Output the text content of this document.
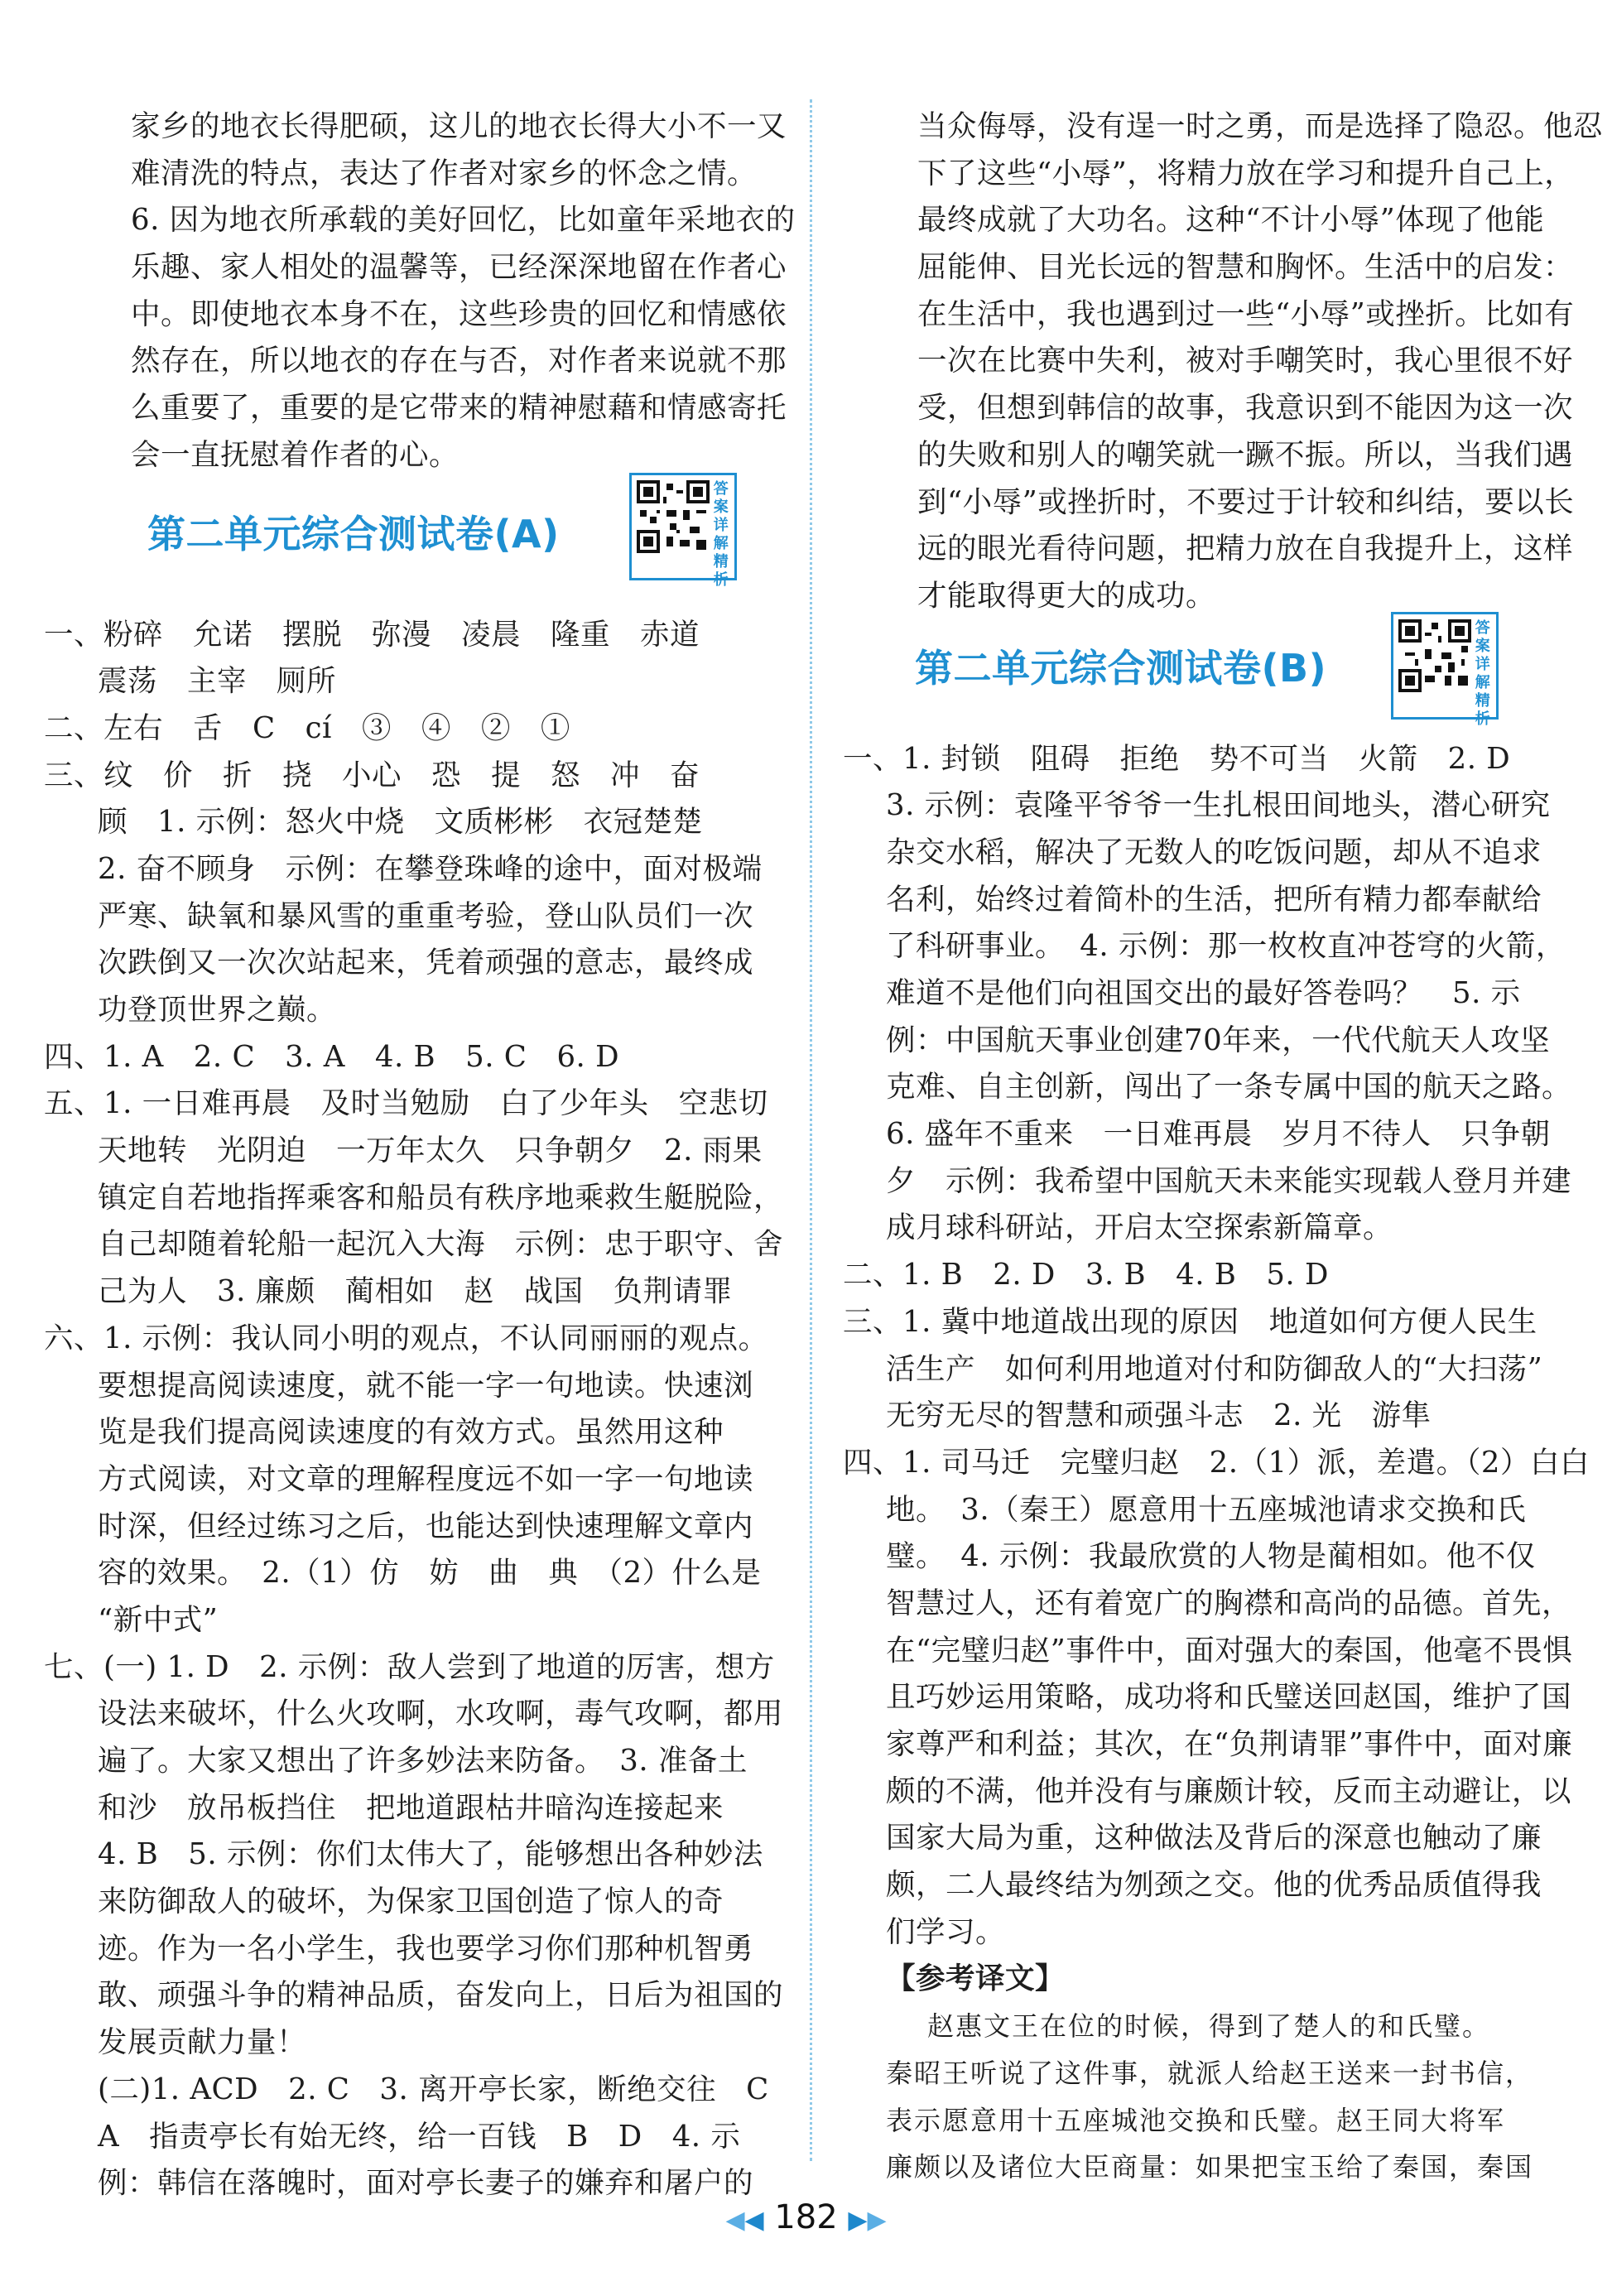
家乡的地衣长得肥硕，这儿的地衣长得大小不一又
难清洗的特点，表达了作者对家乡的怀念之情。
6. 因为地衣所承载的美好回忆，比如童年采地衣的
乐趣、家人相处的温馨等，已经深深地留在作者心
中。即使地衣本身不在，这些珍贵的回忆和情感依
然存在，所以地衣的存在与否，对作者来说就不那
么重要了，重要的是它带来的精神慰藉和情感寄托
会一直抚慰着作者的心。
第二单元综合测试卷(A)
答案详解精析
一、粉碎　允诺　摆脱　弥漫　凌晨　隆重　赤道
震荡　主宰　厕所
二、左右　舌　C　cí　③　④　②　①
三、纹　价　折　挠　小心　恐　提　怒　冲　奋
顾　1. 示例：怒火中烧　文质彬彬　衣冠楚楚
2. 奋不顾身　示例：在攀登珠峰的途中，面对极端
严寒、缺氧和暴风雪的重重考验，登山队员们一次
次跌倒又一次次站起来，凭着顽强的意志，最终成
功登顶世界之巅。
四、1. A　2. C　3. A　4. B　5. C　6. D
五、1. 一日难再晨　及时当勉励　白了少年头　空悲切
天地转　光阴迫　一万年太久　只争朝夕　2. 雨果
镇定自若地指挥乘客和船员有秩序地乘救生艇脱险，
自己却随着轮船一起沉入大海　示例：忠于职守、舍
己为人　3. 廉颇　蔺相如　赵　战国　负荆请罪
六、1. 示例：我认同小明的观点，不认同丽丽的观点。
要想提高阅读速度，就不能一字一句地读。快速浏
览是我们提高阅读速度的有效方式。虽然用这种
方式阅读，对文章的理解程度远不如一字一句地读
时深，但经过练习之后，也能达到快速理解文章内
容的效果。　2.（1）仿　妨　曲　典　（2）什么是
“新中式”
七、(一) 1. D　2. 示例：敌人尝到了地道的厉害，想方
设法来破坏，什么火攻啊，水攻啊，毒气攻啊，都用
遍了。大家又想出了许多妙法来防备。　3. 准备土
和沙　放吊板挡住　把地道跟枯井暗沟连接起来
4. B　5. 示例：你们太伟大了，能够想出各种妙法
来防御敌人的破坏，为保家卫国创造了惊人的奇
迹。作为一名小学生，我也要学习你们那种机智勇
敢、顽强斗争的精神品质，奋发向上，日后为祖国的
发展贡献力量！
(二)1. ACD　2. C　3. 离开亭长家，断绝交往　C
A　指责亭长有始无终，给一百钱　B　D　4. 示
例：韩信在落魄时，面对亭长妻子的嫌弃和屠户的
当众侮辱，没有逞一时之勇，而是选择了隐忍。他忍
下了这些“小辱”，将精力放在学习和提升自己上，
最终成就了大功名。这种“不计小辱”体现了他能
屈能伸、目光长远的智慧和胸怀。生活中的启发：
在生活中，我也遇到过一些“小辱”或挫折。比如有
一次在比赛中失利，被对手嘲笑时，我心里很不好
受，但想到韩信的故事，我意识到不能因为这一次
的失败和别人的嘲笑就一蹶不振。所以，当我们遇
到“小辱”或挫折时，不要过于计较和纠结，要以长
远的眼光看待问题，把精力放在自我提升上，这样
才能取得更大的成功。
第二单元综合测试卷(B)
答案详解精析
一、1. 封锁　阻碍　拒绝　势不可当　火箭　2. D
3. 示例：袁隆平爷爷一生扎根田间地头，潜心研究
杂交水稻，解决了无数人的吃饭问题，却从不追求
名利，始终过着简朴的生活，把所有精力都奉献给
了科研事业。　4. 示例：那一枚枚直冲苍穹的火箭，
难道不是他们向祖国交出的最好答卷吗？　5. 示
例：中国航天事业创建70年来，一代代航天人攻坚
克难、自主创新，闯出了一条专属中国的航天之路。
6. 盛年不重来　一日难再晨　岁月不待人　只争朝
夕　示例：我希望中国航天未来能实现载人登月并建
成月球科研站，开启太空探索新篇章。
二、1. B　2. D　3. B　4. B　5. D
三、1. 冀中地道战出现的原因　地道如何方便人民生
活生产　如何利用地道对付和防御敌人的“大扫荡”
无穷无尽的智慧和顽强斗志　2. 光　游隼
四、1. 司马迁　完璧归赵　2.（1）派，差遣。（2）白白
地。　3.（秦王）愿意用十五座城池请求交换和氏
璧。　4. 示例：我最欣赏的人物是蔺相如。他不仅
智慧过人，还有着宽广的胸襟和高尚的品德。首先，
在“完璧归赵”事件中，面对强大的秦国，他毫不畏惧
且巧妙运用策略，成功将和氏璧送回赵国，维护了国
家尊严和利益；其次，在“负荆请罪”事件中，面对廉
颇的不满，他并没有与廉颇计较，反而主动避让，以
国家大局为重，这种做法及背后的深意也触动了廉
颇，二人最终结为刎颈之交。他的优秀品质值得我
们学习。
【参考译文】
赵惠文王在位的时候，得到了楚人的和氏璧。
秦昭王听说了这件事，就派人给赵王送来一封书信，
表示愿意用十五座城池交换和氏璧。赵王同大将军
廉颇以及诸位大臣商量：如果把宝玉给了秦国，秦国
◀◀ 182 ▶▶
